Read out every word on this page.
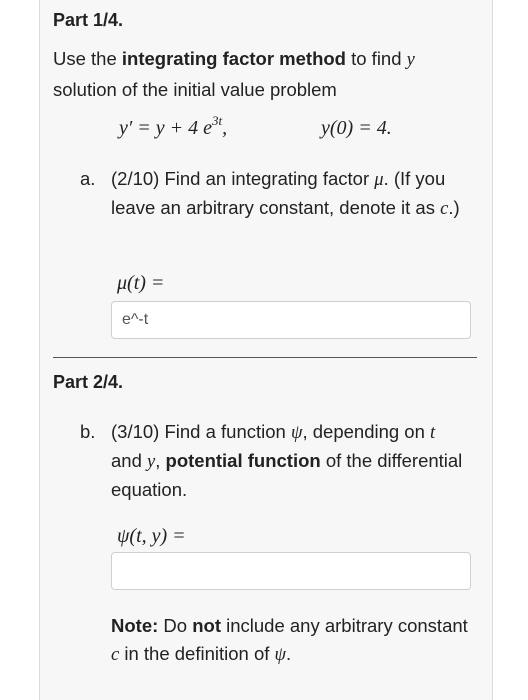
Part 1/4.
Use the integrating factor method to find y
solution of the initial value problem
y′ = y + 4 $e^{3t}$,	y(0) = 4.
a. (2/10) Find an integrating factor μ. (If you leave an arbitrary constant, denote it as c.)
μ(t) =
e^-t
Part 2/4.
b. (3/10) Find a function ψ, depending on t
and y, potential function of the differential equation.
ψ(t, y) =
Note: Do not include any arbitrary constant c in the definition of ψ.
